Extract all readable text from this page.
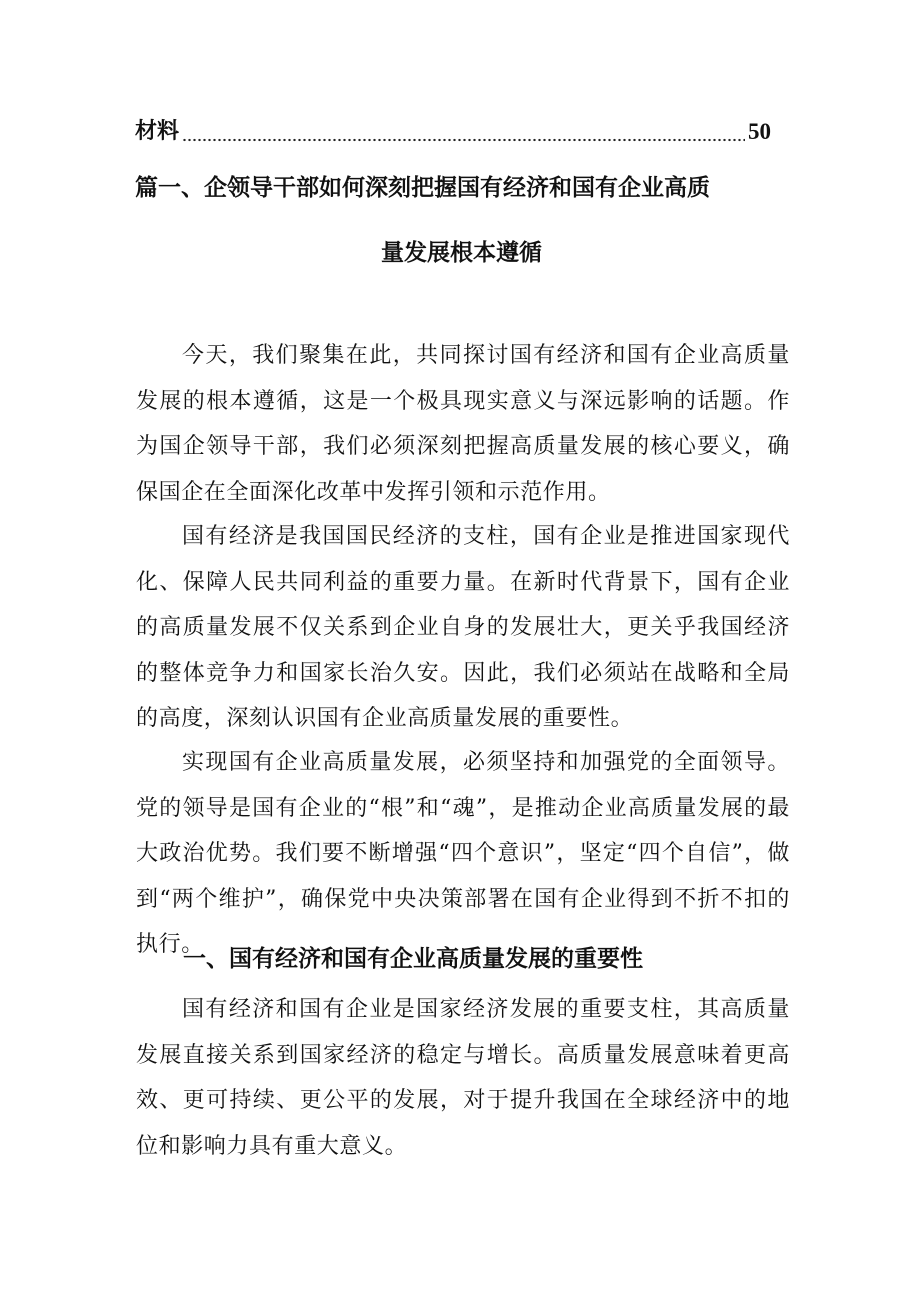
材料	50
篇一、企领导干部如何深刻把握国有经济和国有企业高质
量发展根本遵循

今天，我们聚集在此，共同探讨国有经济和国有企业高质量发展的根本遵循，这是一个极具现实意义与深远影响的话题。作为国企领导干部，我们必须深刻把握高质量发展的核心要义，确保国企在全面深化改革中发挥引领和示范作用。

国有经济是我国国民经济的支柱，国有企业是推进国家现代化、保障人民共同利益的重要力量。在新时代背景下，国有企业的高质量发展不仅关系到企业自身的发展壮大，更关乎我国经济的整体竞争力和国家长治久安。因此，我们必须站在战略和全局的高度，深刻认识国有企业高质量发展的重要性。

实现国有企业高质量发展，必须坚持和加强党的全面领导。党的领导是国有企业的“根”和“魂”，是推动企业高质量发展的最大政治优势。我们要不断增强“四个意识”，坚定“四个自信”，做到“两个维护”，确保党中央决策部署在国有企业得到不折不扣的执行。

一、国有经济和国有企业高质量发展的重要性

国有经济和国有企业是国家经济发展的重要支柱，其高质量发展直接关系到国家经济的稳定与增长。高质量发展意味着更高效、更可持续、更公平的发展，对于提升我国在全球经济中的地位和影响力具有重大意义。
